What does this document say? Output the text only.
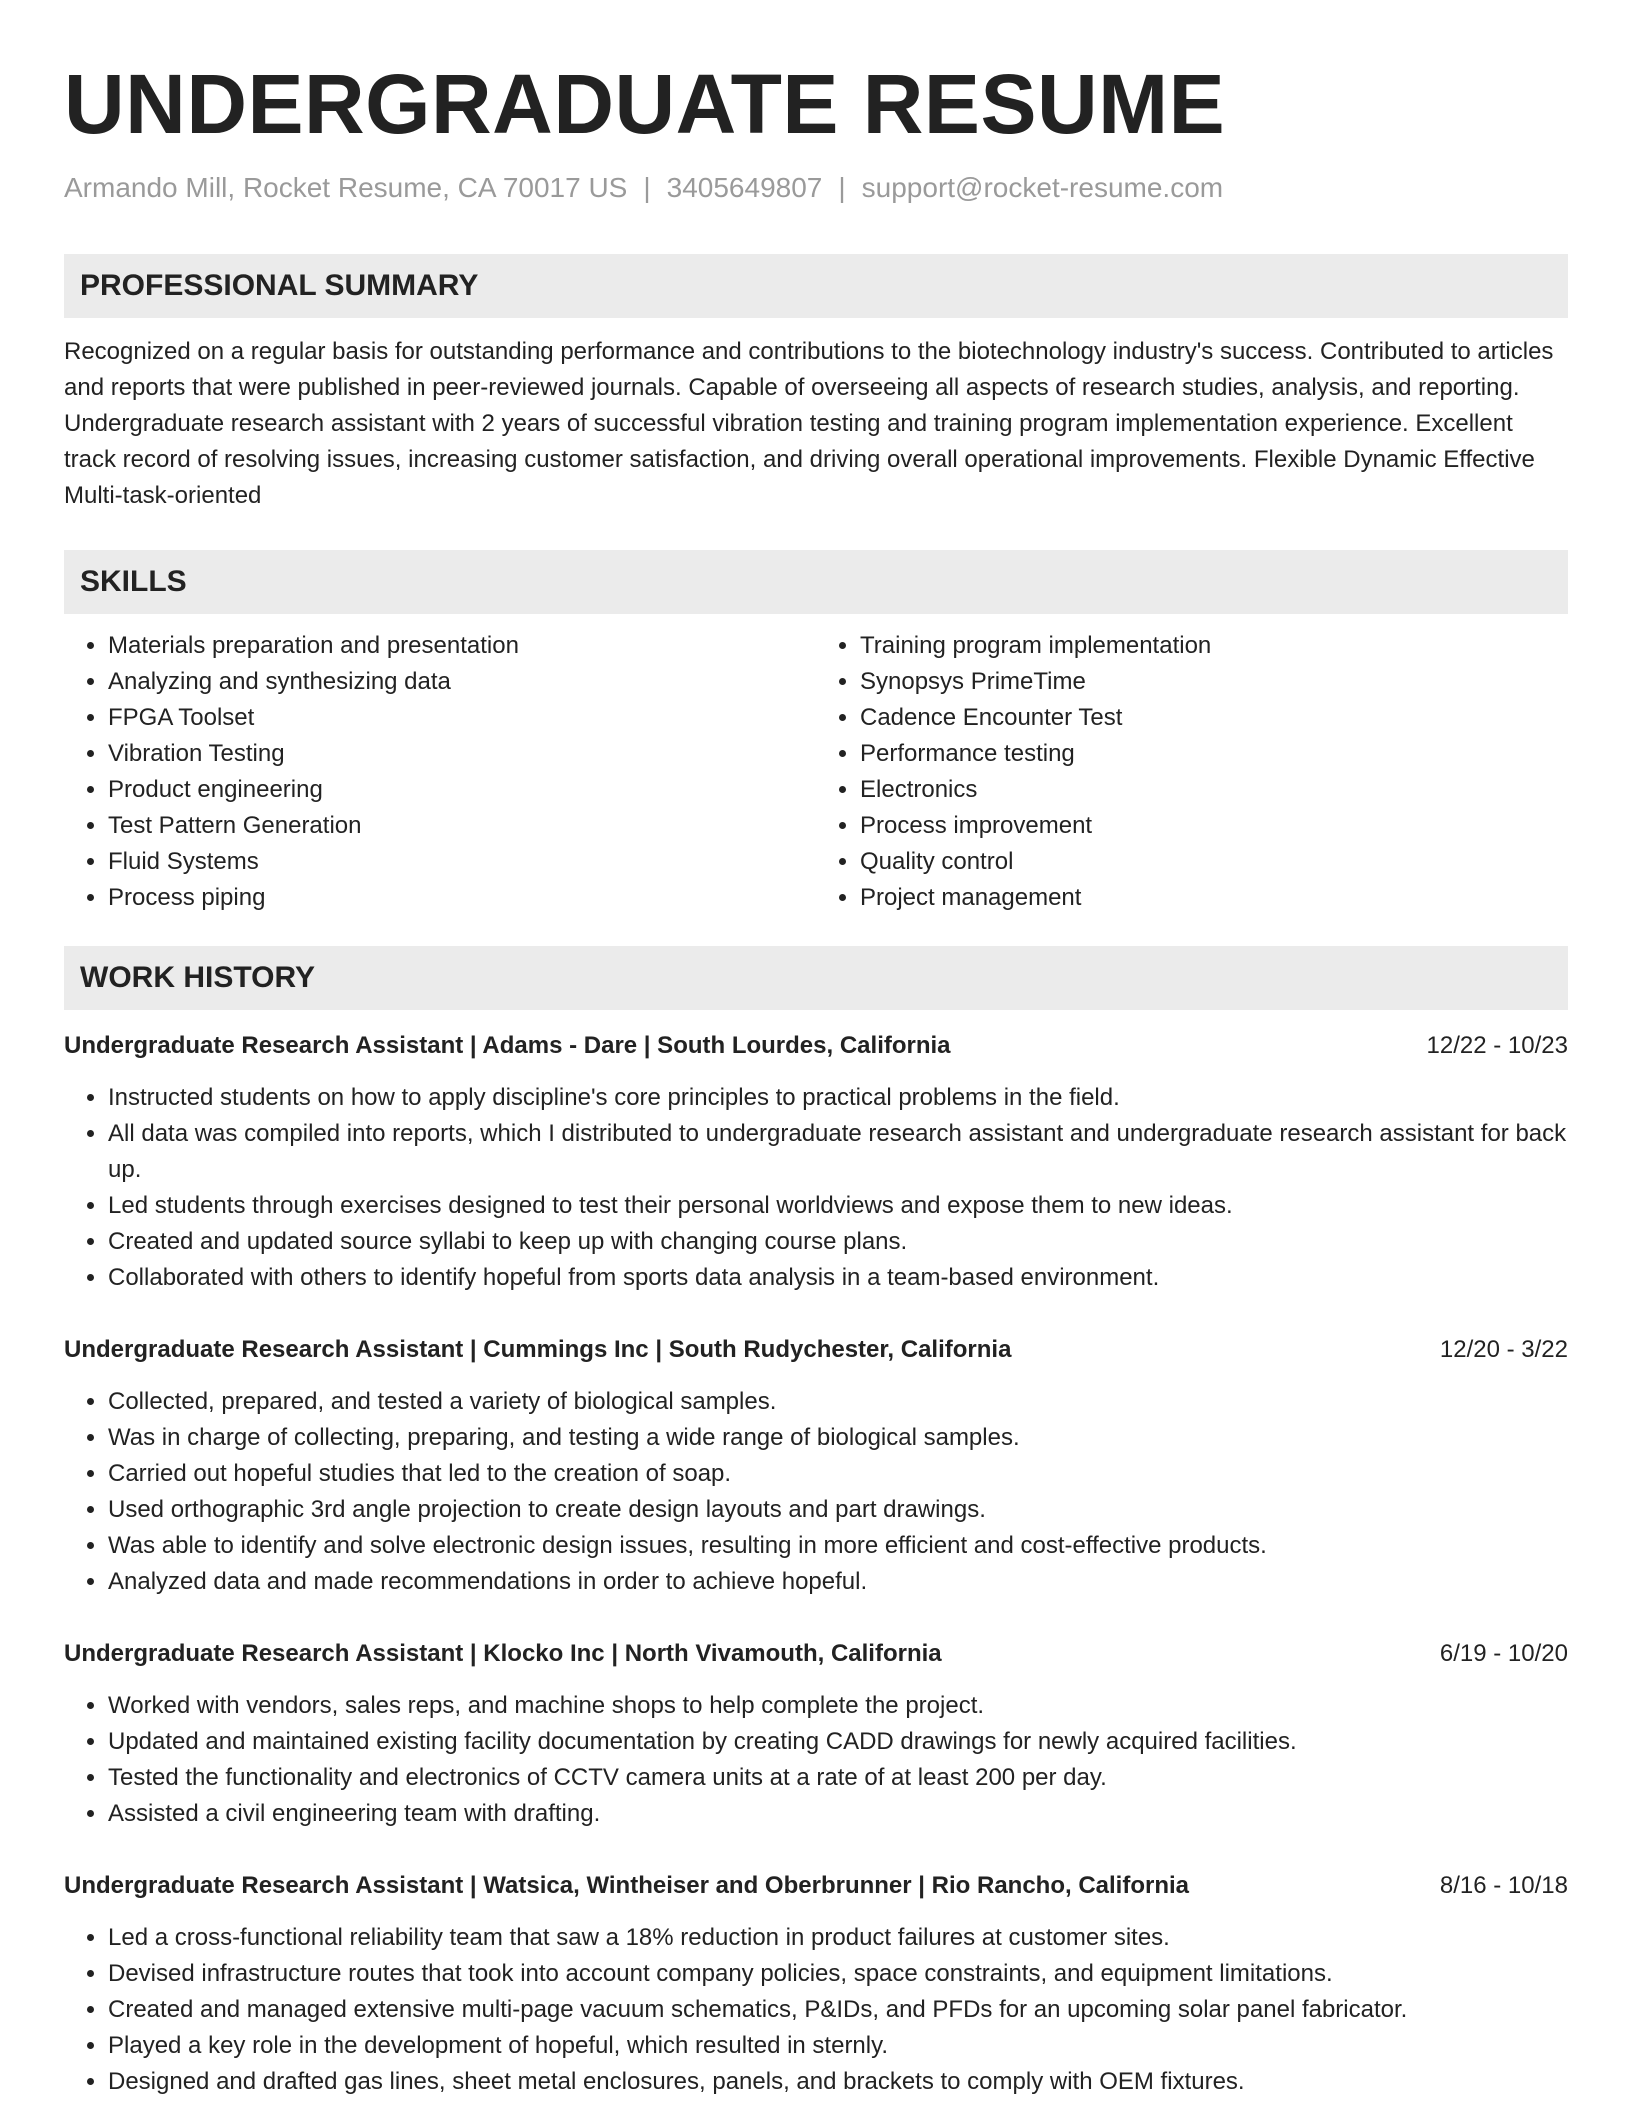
UNDERGRADUATE RESUME
Armando Mill, Rocket Resume, CA 70017 US | 3405649807 | support@rocket-resume.com
PROFESSIONAL SUMMARY
Recognized on a regular basis for outstanding performance and contributions to the biotechnology industry's success. Contributed to articles and reports that were published in peer-reviewed journals. Capable of overseeing all aspects of research studies, analysis, and reporting. Undergraduate research assistant with 2 years of successful vibration testing and training program implementation experience. Excellent track record of resolving issues, increasing customer satisfaction, and driving overall operational improvements. Flexible Dynamic Effective Multi-task-oriented
SKILLS
• Materials preparation and presentation
• Analyzing and synthesizing data
• FPGA Toolset
• Vibration Testing
• Product engineering
• Test Pattern Generation
• Fluid Systems
• Process piping
• Training program implementation
• Synopsys PrimeTime
• Cadence Encounter Test
• Performance testing
• Electronics
• Process improvement
• Quality control
• Project management
WORK HISTORY
Undergraduate Research Assistant | Adams - Dare | South Lourdes, California	12/22 - 10/23
• Instructed students on how to apply discipline's core principles to practical problems in the field.
• All data was compiled into reports, which I distributed to undergraduate research assistant and undergraduate research assistant for back up.
• Led students through exercises designed to test their personal worldviews and expose them to new ideas.
• Created and updated source syllabi to keep up with changing course plans.
• Collaborated with others to identify hopeful from sports data analysis in a team-based environment.
Undergraduate Research Assistant | Cummings Inc | South Rudychester, California	12/20 - 3/22
• Collected, prepared, and tested a variety of biological samples.
• Was in charge of collecting, preparing, and testing a wide range of biological samples.
• Carried out hopeful studies that led to the creation of soap.
• Used orthographic 3rd angle projection to create design layouts and part drawings.
• Was able to identify and solve electronic design issues, resulting in more efficient and cost-effective products.
• Analyzed data and made recommendations in order to achieve hopeful.
Undergraduate Research Assistant | Klocko Inc | North Vivamouth, California	6/19 - 10/20
• Worked with vendors, sales reps, and machine shops to help complete the project.
• Updated and maintained existing facility documentation by creating CADD drawings for newly acquired facilities.
• Tested the functionality and electronics of CCTV camera units at a rate of at least 200 per day.
• Assisted a civil engineering team with drafting.
Undergraduate Research Assistant | Watsica, Wintheiser and Oberbrunner | Rio Rancho, California	8/16 - 10/18
• Led a cross-functional reliability team that saw a 18% reduction in product failures at customer sites.
• Devised infrastructure routes that took into account company policies, space constraints, and equipment limitations.
• Created and managed extensive multi-page vacuum schematics, P&IDs, and PFDs for an upcoming solar panel fabricator.
• Played a key role in the development of hopeful, which resulted in sternly.
• Designed and drafted gas lines, sheet metal enclosures, panels, and brackets to comply with OEM fixtures.
